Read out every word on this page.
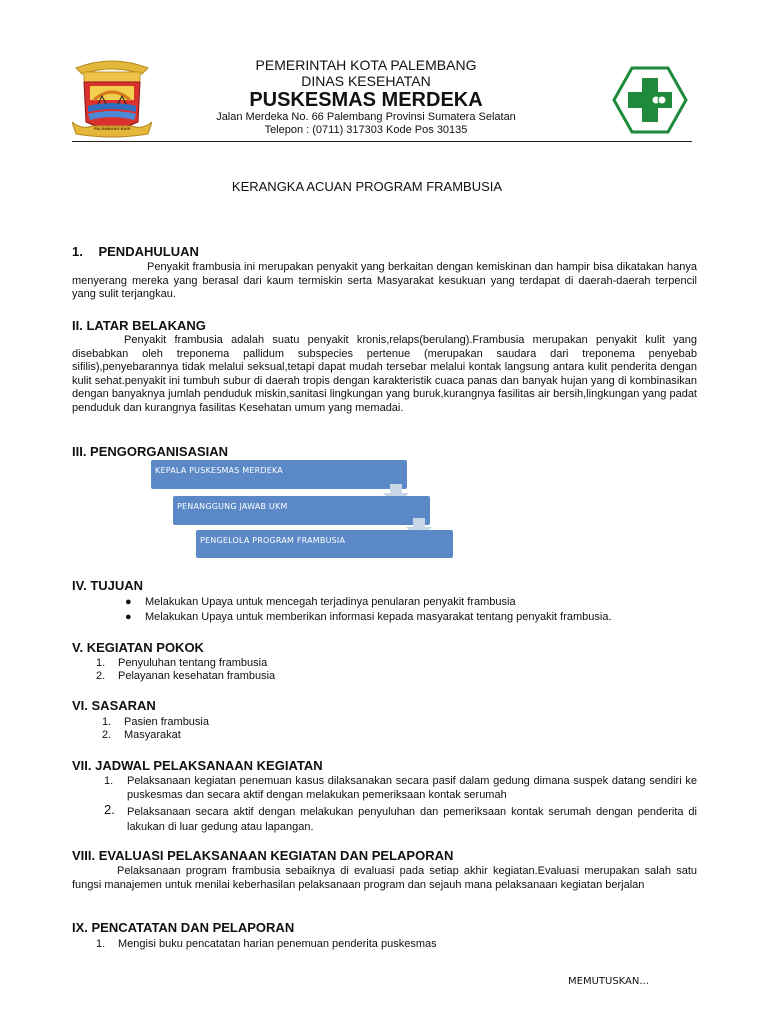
PALEMBANG BARI
PEMERINTAH KOTA PALEMBANG
DINAS KESEHATAN
PUSKESMAS MERDEKA
Jalan Merdeka No. 66 Palembang Provinsi Sumatera Selatan
Telepon : (0711) 317303 Kode Pos 30135
KERANGKA ACUAN PROGRAM FRAMBUSIA
1. PENDAHULUAN
Penyakit frambusia ini merupakan penyakit yang berkaitan dengan kemiskinan dan hampir bisa dikatakan hanya menyerang mereka yang berasal dari kaum termiskin serta Masyarakat kesukuan yang terdapat di daerah-daerah terpencil yang sulit terjangkau.
II. LATAR BELAKANG
Penyakit frambusia adalah suatu penyakit kronis,relaps(berulang).Frambusia merupakan penyakit kulit yang disebabkan oleh treponema pallidum subspecies pertenue (merupakan saudara dari treponema penyebab sifilis),penyebarannya tidak melalui seksual,tetapi dapat mudah tersebar melalui kontak langsung antara kulit penderita dengan kulit sehat.penyakit ini tumbuh subur di daerah tropis dengan karakteristik cuaca panas dan banyak hujan yang di kombinasikan dengan banyaknya jumlah penduduk miskin,sanitasi lingkungan yang buruk,kurangnya fasilitas air bersih,lingkungan yang padat penduduk dan kurangnya fasilitas Kesehatan umum yang memadai.
III. PENGORGANISASIAN
KEPALA PUSKESMAS MERDEKA
PENANGGUNG JAWAB UKM
PENGELOLA PROGRAM FRAMBUSIA
IV. TUJUAN
● Melakukan Upaya untuk mencegah terjadinya penularan penyakit frambusia
● Melakukan Upaya untuk memberikan informasi kepada masyarakat tentang penyakit frambusia.
V. KEGIATAN POKOK
1. Penyuluhan tentang frambusia
2. Pelayanan kesehatan frambusia
VI. SASARAN
1. Pasien frambusia
2. Masyarakat
VII. JADWAL PELAKSANAAN KEGIATAN
1. Pelaksanaan kegiatan penemuan kasus dilaksanakan secara pasif dalam gedung dimana suspek datang sendiri ke puskesmas dan secara aktif dengan melakukan pemeriksaan kontak serumah
2. Pelaksanaan secara aktif dengan melakukan penyuluhan dan pemeriksaan kontak serumah dengan penderita di lakukan di luar gedung atau lapangan.
VIII. EVALUASI PELAKSANAAN KEGIATAN DAN PELAPORAN
Pelaksanaan program frambusia sebaiknya di evaluasi pada setiap akhir kegiatan.Evaluasi merupakan salah satu fungsi manajemen untuk menilai keberhasilan pelaksanaan program dan sejauh mana pelaksanaan kegiatan berjalan
IX. PENCATATAN DAN PELAPORAN
1. Mengisi buku pencatatan harian penemuan penderita puskesmas
MEMUTUSKAN...
